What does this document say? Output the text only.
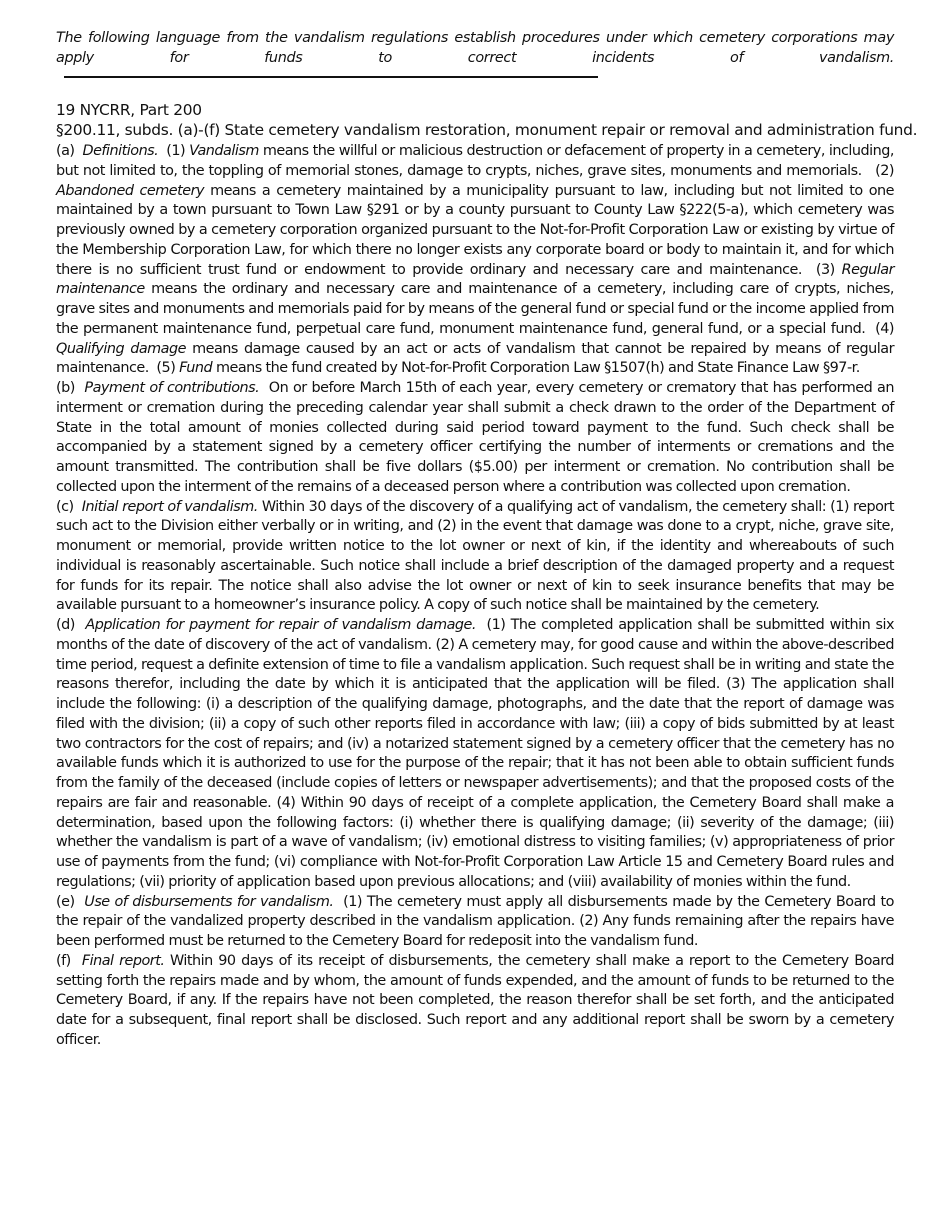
The following language from the vandalism regulations establish procedures under which cemetery corporations may apply for funds to correct incidents of vandalism.

19 NYCRR, Part 200
§200.11, subds. (a)-(f) State cemetery vandalism restoration, monument repair or removal and administration fund.

(a) Definitions. (1) Vandalism means the willful or malicious destruction or defacement of property in a cemetery, including, but not limited to, the toppling of memorial stones, damage to crypts, niches, grave sites, monuments and memorials. (2) Abandoned cemetery means a cemetery maintained by a municipality pursuant to law, including but not limited to one maintained by a town pursuant to Town Law §291 or by a county pursuant to County Law §222(5-a), which cemetery was previously owned by a cemetery corporation organized pursuant to the Not-for-Profit Corporation Law or existing by virtue of the Membership Corporation Law, for which there no longer exists any corporate board or body to maintain it, and for which there is no sufficient trust fund or endowment to provide ordinary and necessary care and maintenance. (3) Regular maintenance means the ordinary and necessary care and maintenance of a cemetery, including care of crypts, niches, grave sites and monuments and memorials paid for by means of the general fund or special fund or the income applied from the permanent maintenance fund, perpetual care fund, monument maintenance fund, general fund, or a special fund. (4) Qualifying damage means damage caused by an act or acts of vandalism that cannot be repaired by means of regular maintenance. (5) Fund means the fund created by Not-for-Profit Corporation Law §1507(h) and State Finance Law §97-r.

(b) Payment of contributions. On or before March 15th of each year, every cemetery or crematory that has performed an interment or cremation during the preceding calendar year shall submit a check drawn to the order of the Department of State in the total amount of monies collected during said period toward payment to the fund. Such check shall be accompanied by a statement signed by a cemetery officer certifying the number of interments or cremations and the amount transmitted. The contribution shall be five dollars ($5.00) per interment or cremation. No contribution shall be collected upon the interment of the remains of a deceased person where a contribution was collected upon cremation.

(c) Initial report of vandalism. Within 30 days of the discovery of a qualifying act of vandalism, the cemetery shall: (1) report such act to the Division either verbally or in writing, and (2) in the event that damage was done to a crypt, niche, grave site, monument or memorial, provide written notice to the lot owner or next of kin, if the identity and whereabouts of such individual is reasonably ascertainable. Such notice shall include a brief description of the damaged property and a request for funds for its repair. The notice shall also advise the lot owner or next of kin to seek insurance benefits that may be available pursuant to a homeowner’s insurance policy. A copy of such notice shall be maintained by the cemetery.

(d) Application for payment for repair of vandalism damage. (1) The completed application shall be submitted within six months of the date of discovery of the act of vandalism. (2) A cemetery may, for good cause and within the above-described time period, request a definite extension of time to file a vandalism application. Such request shall be in writing and state the reasons therefor, including the date by which it is anticipated that the application will be filed. (3) The application shall include the following: (i) a description of the qualifying damage, photographs, and the date that the report of damage was filed with the division; (ii) a copy of such other reports filed in accordance with law; (iii) a copy of bids submitted by at least two contractors for the cost of repairs; and (iv) a notarized statement signed by a cemetery officer that the cemetery has no available funds which it is authorized to use for the purpose of the repair; that it has not been able to obtain sufficient funds from the family of the deceased (include copies of letters or newspaper advertisements); and that the proposed costs of the repairs are fair and reasonable. (4) Within 90 days of receipt of a complete application, the Cemetery Board shall make a determination, based upon the following factors: (i) whether there is qualifying damage; (ii) severity of the damage; (iii) whether the vandalism is part of a wave of vandalism; (iv) emotional distress to visiting families; (v) appropriateness of prior use of payments from the fund; (vi) compliance with Not-for-Profit Corporation Law Article 15 and Cemetery Board rules and regulations; (vii) priority of application based upon previous allocations; and (viii) availability of monies within the fund.

(e) Use of disbursements for vandalism. (1) The cemetery must apply all disbursements made by the Cemetery Board to the repair of the vandalized property described in the vandalism application. (2) Any funds remaining after the repairs have been performed must be returned to the Cemetery Board for redeposit into the vandalism fund.

(f) Final report. Within 90 days of its receipt of disbursements, the cemetery shall make a report to the Cemetery Board setting forth the repairs made and by whom, the amount of funds expended, and the amount of funds to be returned to the Cemetery Board, if any. If the repairs have not been completed, the reason therefor shall be set forth, and the anticipated date for a subsequent, final report shall be disclosed. Such report and any additional report shall be sworn by a cemetery officer.
